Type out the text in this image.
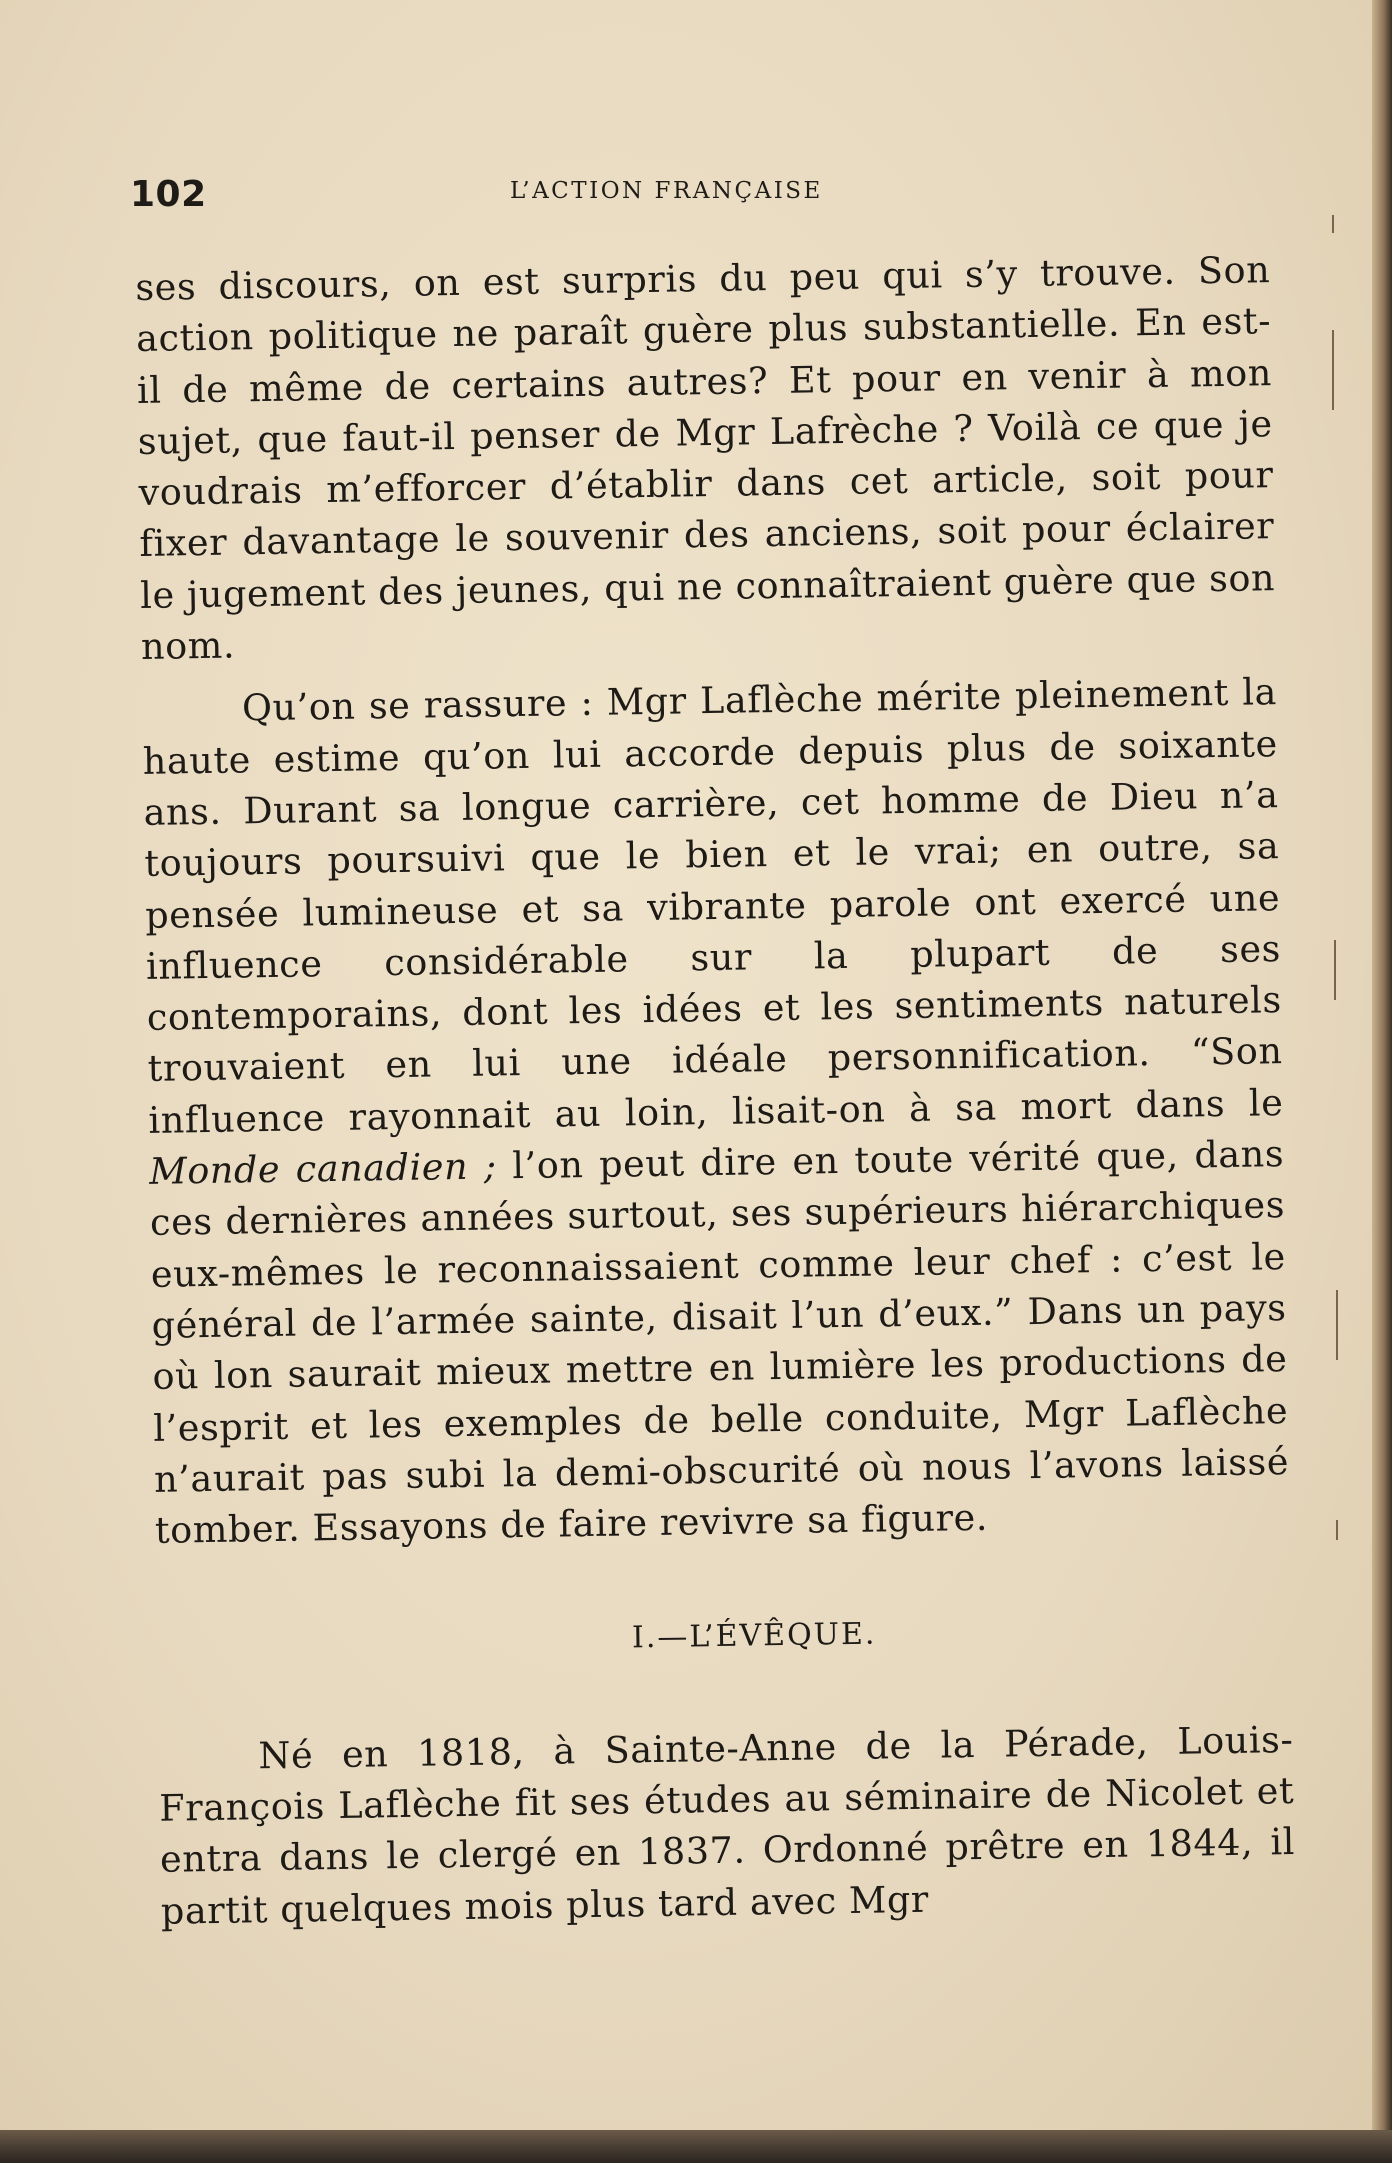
102	L’ACTION FRANÇAISE

ses discours, on est surpris du peu qui s’y trouve. Son action politique ne paraît guère plus substantielle. En est-il de même de certains autres? Et pour en venir à mon sujet, que faut-il penser de Mgr Lafrèche ? Voilà ce que je voudrais m’efforcer d’établir dans cet article, soit pour fixer davantage le souvenir des anciens, soit pour éclairer le jugement des jeunes, qui ne connaîtraient guère que son nom.

Qu’on se rassure : Mgr Laflèche mérite pleinement la haute estime qu’on lui accorde depuis plus de soixante ans. Durant sa longue carrière, cet homme de Dieu n’a toujours poursuivi que le bien et le vrai; en outre, sa pensée lumineuse et sa vibrante parole ont exercé une influence considérable sur la plupart de ses contemporains, dont les idées et les sentiments naturels trouvaient en lui une idéale personnification. “Son influence rayonnait au loin, lisait-on à sa mort dans le Monde canadien ; l’on peut dire en toute vérité que, dans ces dernières années surtout, ses supérieurs hiérarchiques eux-mêmes le reconnaissaient comme leur chef : c’est le général de l’armée sainte, disait l’un d’eux.” Dans un pays où lon saurait mieux mettre en lumière les productions de l’esprit et les exemples de belle conduite, Mgr Laflèche n’aurait pas subi la demi-obscurité où nous l’avons laissé tomber. Essayons de faire revivre sa figure.

I.—L’ÉVÊQUE.

Né en 1818, à Sainte-Anne de la Pérade, Louis-François Laflèche fit ses études au séminaire de Nicolet et entra dans le clergé en 1837. Ordonné prêtre en 1844, il partit quelques mois plus tard avec Mgr
